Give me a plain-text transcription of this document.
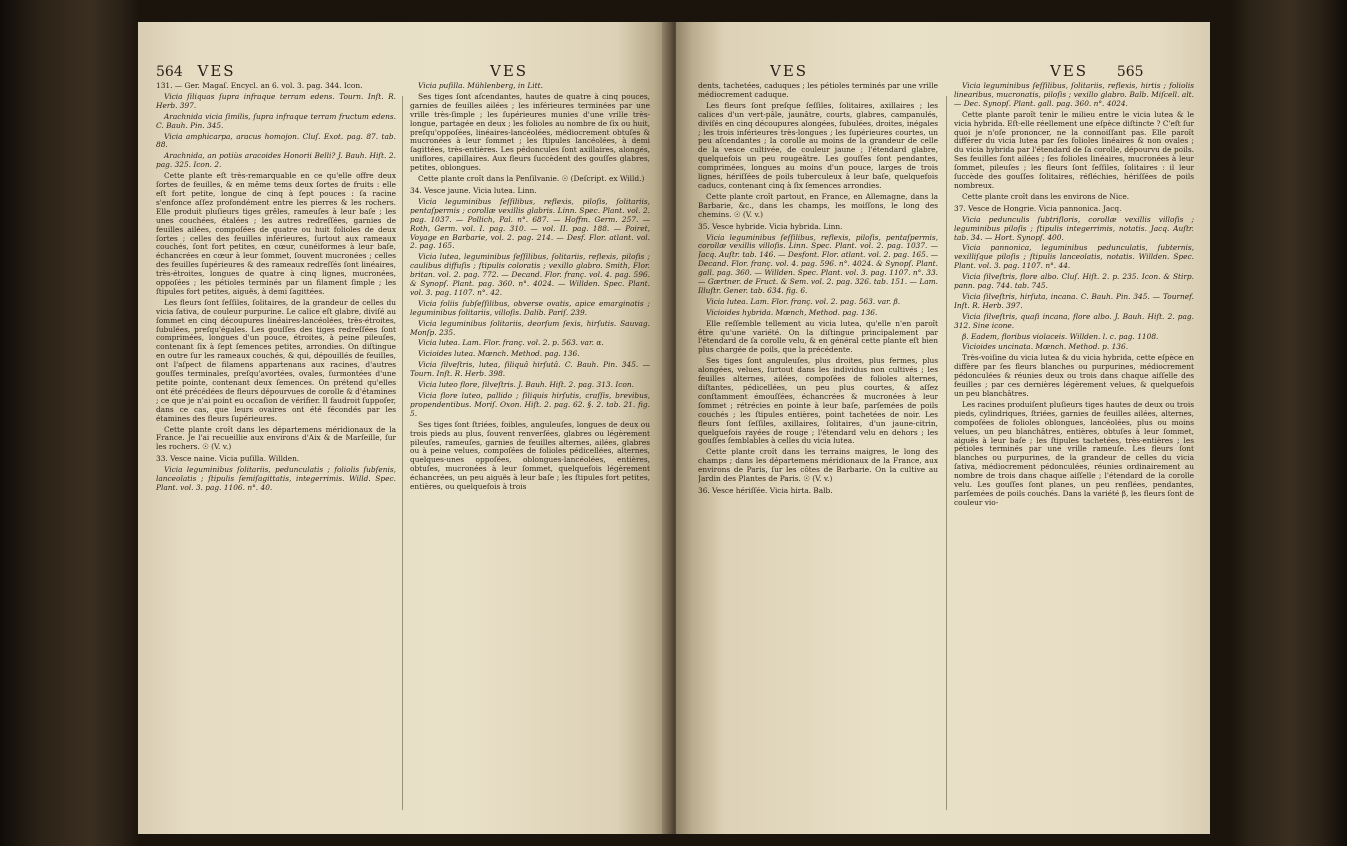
564 VES	VES

131. — Ger. Magaſ. Encycl. an 6. vol. 3. pag. 344. Icon.

Vicia ſiliquas ſupra infraque terram edens. Tourn. Inſt. R. Herb. 397.

Arachnida vicia ſimilis, ſupra infraque terram fructum edens. C. Bauh. Pin. 345.

Vicia amphicarpa, aracus homojon. Cluſ. Exot. pag. 87. tab. 88.

Arachnida, an potiùs aracoides Honorii Belli? J. Bauh. Hiſt. 2. pag. 325. Icon. 2.

Cette plante eſt très-remarquable en ce qu'elle offre deux ſortes de feuilles, & en même tems deux ſortes de fruits : elle eſt fort petite, longue de cinq à ſept pouces : ſa racine s'enfonce aſſez profondément entre les pierres & les rochers. Elle produit pluſieurs tiges grêles, rameuſes à leur baſe ; les unes couchées, étalées ; les autres redreſſées, garnies de feuilles ailées, compoſées de quatre ou huit folioles de deux ſortes ; celles des feuilles inférieures, ſurtout aux rameaux couchés, ſont fort petites, en cœur, cunéiformes à leur baſe, échancrées en cœur à leur ſommet, ſouvent mucronées ; celles des feuilles ſupérieures & des rameaux redreſſés ſont linéaires, très-étroites, longues de quatre à cinq lignes, mucronées, oppoſées ; les pétioles terminés par un filament ſimple ; les ſtipules fort petites, aiguës, à demi ſagittées.

Les fleurs ſont ſeſſiles, ſolitaires, de la grandeur de celles du vicia ſativa, de couleur purpurine. Le calice eſt glabre, diviſé au ſommet en cinq découpures linéaires-lancéolées, très-étroites, ſubulées, preſqu'égales. Les gouſſes des tiges redreſſées ſont comprimées, longues d'un pouce, étroites, à peine pileuſes, contenant ſix à ſept ſemences petites, arrondies. On diſtingue en outre ſur les rameaux couchés, & qui, dépouillés de feuilles, ont l'aſpect de filamens appartenans aux racines, d'autres gouſſes terminales, preſqu'avortées, ovales, ſurmontées d'une petite pointe, contenant deux ſemences. On prétend qu'elles ont été précédées de fleurs dépourvues de corolle & d'étamines ; ce que je n'ai point eu occaſion de vérifier. Il faudroit ſuppoſer, dans ce cas, que leurs ovaires ont été fécondés par les étamines des fleurs ſupérieures.

Cette plante croît dans les départemens méridionaux de la France. Je l'ai recueillie aux environs d'Aix & de Marſeille, ſur les rochers. ☉ (V. v.)

33. Vesce naine. Vicia puſilla. Willden.

Vicia leguminibus ſolitariis, pedunculatis ; foliolis ſubſenis, lanceolatis ; ſtipulis ſemiſagittatis, integerrimis. Willd. Spec. Plant. vol. 3. pag. 1106. n°. 40.

Vicia puſilla. Mühlenberg, in Litt.

Ses tiges ſont aſcendantes, hautes de quatre à cinq pouces, garnies de feuilles ailées ; les inférieures terminées par une vrille très-ſimple ; les ſupérieures munies d'une vrille très-longue, partagée en deux ; les folioles au nombre de ſix ou huit, preſqu'oppoſées, linéaires-lancéolées, médiocrement obtuſes & mucronées à leur ſommet ; les ſtipules lancéolées, à demi ſagittées, très-entières. Les pédoncules ſont axillaires, alongés, uniflores, capillaires. Aux fleurs ſuccèdent des gouſſes glabres, petites, oblongues.

Cette plante croît dans la Penſilvanie. ☉ (Deſcript. ex Willd.)

34. Vesce jaune. Vicia lutea. Linn.

Vicia leguminibus ſeſſilibus, reflexis, piloſis, ſolitariis, pentaſpermis ; corollæ vexillis glabris. Linn. Spec. Plant. vol. 2. pag. 1037. — Pollich, Pal. n°. 687. — Hoffm. Germ. 257. — Roth, Germ. vol. I. pag. 310. — vol. II. pag. 188. — Poiret, Voyage en Barbarie, vol. 2. pag. 214. — Desf. Flor. atlant. vol. 2. pag. 165.

Vicia lutea, leguminibus ſeſſilibus, ſolitariis, reflexis, piloſis ; caulibus diffuſis ; ſtipulis coloratis ; vexillo glabro. Smith, Flor. britan. vol. 2. pag. 772. — Decand. Flor. franç. vol. 4. pag. 596. & Synopſ. Plant. pag. 360. n°. 4024. — Willden. Spec. Plant. vol. 3. pag. 1107. n°. 42.

Vicia foliis ſubſeſſilibus, obverse ovatis, apice emarginatis ; leguminibus ſolitariis, villoſis. Dalib. Pariſ. 239.

Vicia leguminibus ſolitariis, deorſum ſexis, hirſutis. Sauvag. Monſp. 235.

Vicia lutea. Lam. Flor. franç. vol. 2. p. 563. var. α.

Vicioides lutea. Mœnch. Method. pag. 136.

Vicia ſilveſtris, lutea, ſiliquâ hirſutâ. C. Bauh. Pin. 345. — Tourn. Inſt. R. Herb. 398.

Vicia luteo flore, ſilveſtris. J. Bauh. Hiſt. 2. pag. 313. Icon.

Vicia flore luteo, pallido ; ſiliquis hirſutis, craſſis, brevibus, propendentibus. Moriſ. Oxon. Hiſt. 2. pag. 62. §. 2. tab. 21. fig. 5.

Ses tiges ſont ſtriées, foibles, anguleuſes, longues de deux ou trois pieds au plus, ſouvent renverſées, glabres ou légèrement pileuſes, rameuſes, garnies de feuilles alternes, ailées, glabres ou à peine velues, compoſées de folioles pédicellées, alternes, quelques-unes oppoſées, oblongues-lancéolées, entières, obtuſes, mucronées à leur ſommet, quelquefois légèrement échancrées, un peu aiguës à leur baſe ; les ſtipules fort petites, entières, ou quelquefois à trois

VES	VES 565

dents, tachetées, caduques ; les pétioles terminés par une vrille médiocrement caduque.

Les fleurs ſont preſque ſeſſiles, ſolitaires, axillaires ; les calices d'un vert-pâle, jaunâtre, courts, glabres, campanulés, diviſés en cinq découpures alongées, ſubulées, droites, inégales ; les trois inférieures très-longues ; les ſupérieures courtes, un peu aſcendantes ; la corolle au moins de la grandeur de celle de la vesce cultivée, de couleur jaune ; l'étendard glabre, quelquefois un peu rougeâtre. Les gouſſes ſont pendantes, comprimées, longues au moins d'un pouce, larges de trois lignes, hériſſées de poils tuberculeux à leur baſe, quelquefois caducs, contenant cinq à ſix ſemences arrondies.

Cette plante croît partout, en France, en Allemagne, dans la Barbarie, &c., dans les champs, les moiſſons, le long des chemins. ☉ (V. v.)

35. Vesce hybride. Vicia hybrida. Linn.

Vicia leguminibus ſeſſilibus, reflexis, piloſis, pentaſpermis, corollæ vexillis villoſis. Linn. Spec. Plant. vol. 2. pag. 1037. — Jacq. Auſtr. tab. 146. — Desfont. Flor. atlant. vol. 2. pag. 165. — Decand. Flor. franç. vol. 4. pag. 596. n°. 4024. & Synopſ. Plant. gall. pag. 360. — Willden. Spec. Plant. vol. 3. pag. 1107. n°. 33. — Gærtner. de Fruct. & Sem. vol. 2. pag. 326. tab. 151. — Lam. Illuſtr. Gener. tab. 634. fig. 6.

Vicia lutea. Lam. Flor. franç. vol. 2. pag. 563. var. β.

Vicioides hybrida. Mœnch, Method. pag. 136.

Elle reſſemble tellement au vicia lutea, qu'elle n'en paroît être qu'une variété. On la diſtingue principalement par l'étendard de ſa corolle velu, & en général cette plante eſt bien plus chargée de poils, que la précédente.

Ses tiges ſont anguleuſes, plus droites, plus fermes, plus alongées, velues, ſurtout dans les individus non cultivés ; les feuilles alternes, ailées, compoſées de folioles alternes, diſtantes, pédicellées, un peu plus courtes, & aſſez conſtamment émouſſées, échancrées & mucronées à leur ſommet ; rétrécies en pointe à leur baſe, parſemées de poils couchés ; les ſtipules entières, point tachetées de noir. Les fleurs ſont ſeſſiles, axillaires, ſolitaires, d'un jaune-citrin, quelquefois rayées de rouge ; l'étendard velu en dehors ; les gouſſes ſemblables à celles du vicia lutea.

Cette plante croît dans les terrains maigres, le long des champs ; dans les départemens méridionaux de la France, aux environs de Paris, ſur les côtes de Barbarie. On la cultive au Jardin des Plantes de Paris. ☉ (V. v.)

36. Vesce hériſſée. Vicia hirta. Balb.

Vicia leguminibus ſeſſilibus, ſolitariis, reflexis, hirtis ; foliolis linearibus, mucronatis, piloſis ; vexillo glabro. Balb. Miſcell. alt. — Dec. Synopſ. Plant. gall. pag. 360. n°. 4024.

Cette plante paroît tenir le milieu entre le vicia lutea & le vicia hybrida. Eſt-elle réellement une eſpèce diſtincte ? C'eſt ſur quoi je n'oſe prononcer, ne la connoiſſant pas. Elle paroît différer du vicia lutea par ſes folioles linéaires & non ovales ; du vicia hybrida par l'étendard de ſa corolle, dépourvu de poils. Ses feuilles ſont ailées ; ſes folioles linéaires, mucronées à leur ſommet, pileuſes ; les fleurs ſont ſeſſiles, ſolitaires : il leur ſuccède des gouſſes ſolitaires, réfléchies, hériſſées de poils nombreux.

Cette plante croît dans les environs de Nice.

37. Vesce de Hongrie. Vicia pannonica. Jacq.

Vicia pedunculis ſubtriſloris, corollæ vexillis villoſis ; leguminibus piloſis ; ſtipulis integerrimis, notatis. Jacq. Auſtr. tab. 34. — Hort. Synopſ. 400.

Vicia pannonica, leguminibus pedunculatis, ſubternis, vexilliſque piloſis ; ſtipulis lanceolatis, notatis. Willden. Spec. Plant. vol. 3. pag. 1107. n°. 44.

Vicia ſilveſtris, flore albo. Cluſ. Hiſt. 2. p. 235. Icon. & Stirp. pann. pag. 744. tab. 745.

Vicia ſilveſtris, hirſuta, incana. C. Bauh. Pin. 345. — Tournef. Inſt. R. Herb. 397.

Vicia ſilveſtris, quaſi incana, flore albo. J. Bauh. Hiſt. 2. pag. 312. Sine icone.

β. Eadem, floribus violaceis. Willden. l. c. pag. 1108.

Vicioides uncinata. Mœnch. Method. p. 136.

Très-voiſine du vicia lutea & du vicia hybrida, cette eſpèce en diffère par ſes fleurs blanches ou purpurines, médiocrement pédonculées & réunies deux ou trois dans chaque aiſſelle des feuilles ; par ces dernières légèrement velues, & quelquefois un peu blanchâtres.

Les racines produiſent pluſieurs tiges hautes de deux ou trois pieds, cylindriques, ſtriées, garnies de feuilles ailées, alternes, compoſées de folioles oblongues, lancéolées, plus ou moins velues, un peu blanchâtres, entières, obtuſes à leur ſommet, aiguës à leur baſe ; les ſtipules tachetées, très-entières ; les pétioles terminés par une vrille rameuſe. Les fleurs ſont blanches ou purpurines, de la grandeur de celles du vicia ſativa, médiocrement pédonculées, réunies ordinairement au nombre de trois dans chaque aiſſelle ; l'étendard de la corolle velu. Les gouſſes ſont planes, un peu renflées, pendantes, parſemées de poils couchés. Dans la variété β, les fleurs ſont de couleur vio-
